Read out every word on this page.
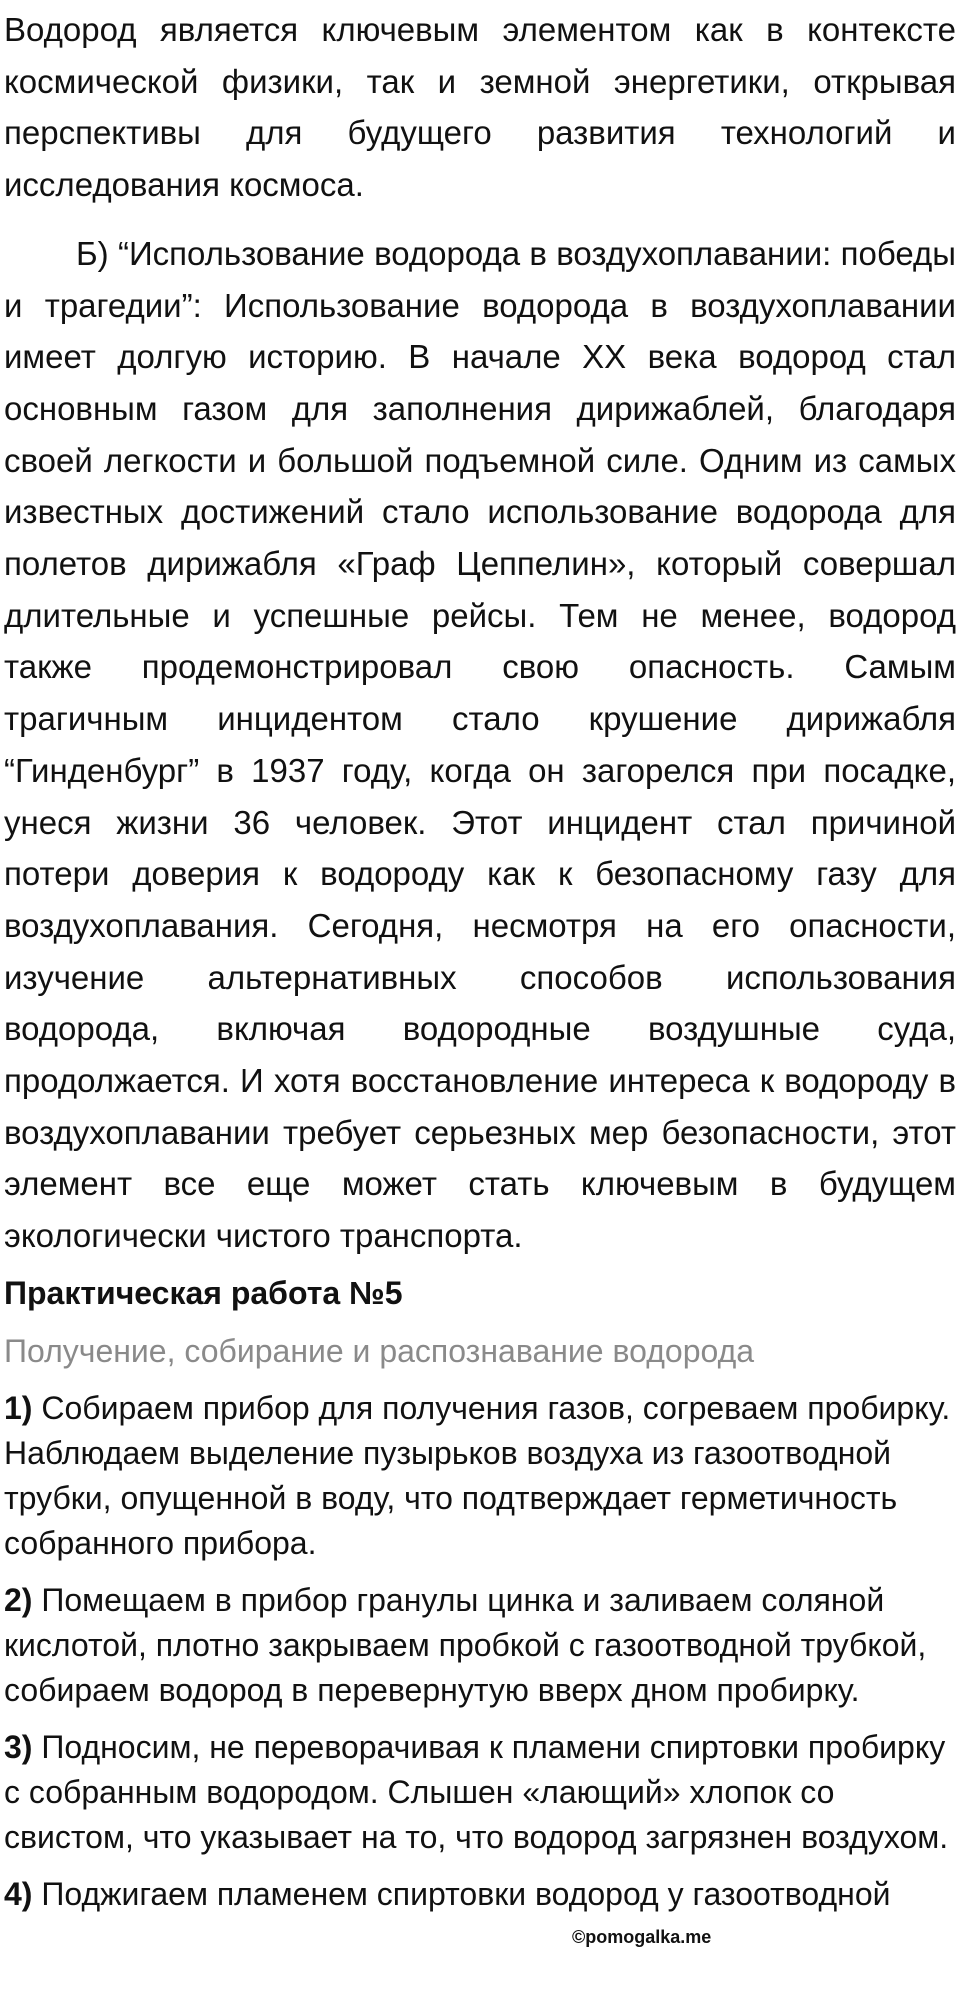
Водород является ключевым элементом как в контексте космической физики, так и земной энергетики, открывая перспективы для будущего развития технологий и исследования космоса.

Б) “Использование водорода в воздухоплавании: победы и трагедии”: Использование водорода в воздухоплавании имеет долгую историю. В начале XX века водород стал основным газом для заполнения дирижаблей, благодаря своей легкости и большой подъемной силе. Одним из самых известных достижений стало использование водорода для полетов дирижабля «Граф Цеппелин», который совершал длительные и успешные рейсы. Тем не менее, водород также продемонстрировал свою опасность. Самым трагичным инцидентом стало крушение дирижабля “Гинденбург” в 1937 году, когда он загорелся при посадке, унеся жизни 36 человек. Этот инцидент стал причиной потери доверия к водороду как к безопасному газу для воздухоплавания. Сегодня, несмотря на его опасности, изучение альтернативных способов использования водорода, включая водородные воздушные суда, продолжается. И хотя восстановление интереса к водороду в воздухоплавании требует серьезных мер безопасности, этот элемент все еще может стать ключевым в будущем экологически чистого транспорта.

Практическая работа №5
Получение, собирание и распознавание водорода

1) Собираем прибор для получения газов, согреваем пробирку. Наблюдаем выделение пузырьков воздуха из газоотводной трубки, опущенной в воду, что подтверждает герметичность собранного прибора.

2) Помещаем в прибор гранулы цинка и заливаем соляной кислотой, плотно закрываем пробкой с газоотводной трубкой, собираем водород в перевернутую вверх дном пробирку.

3) Подносим, не переворачивая к пламени спиртовки пробирку с собранным водородом. Слышен «лающий» хлопок со свистом, что указывает на то, что водород загрязнен воздухом.

4) Поджигаем пламенем спиртовки водород у газоотводной

©pomogalka.me
